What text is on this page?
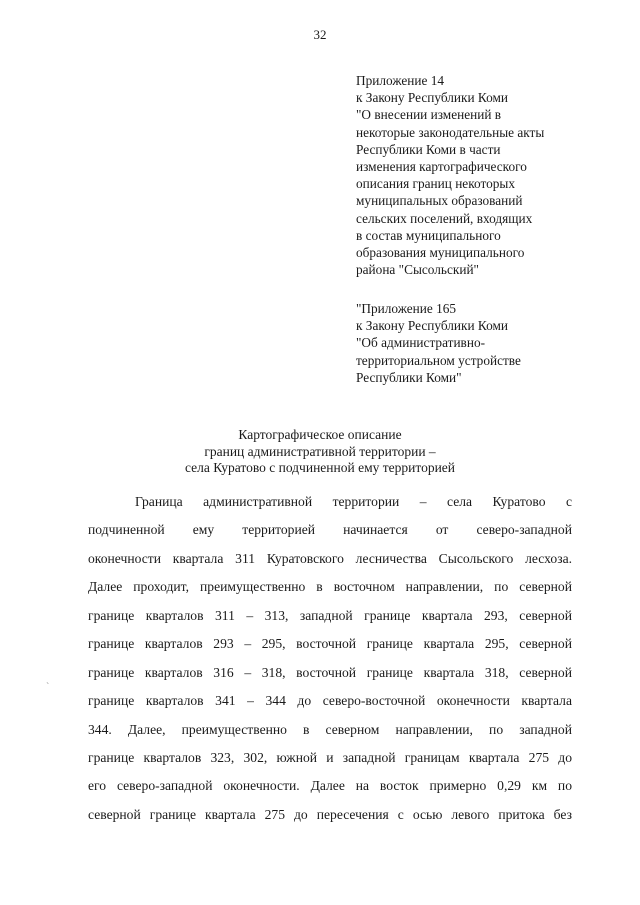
32
Приложение 14
к Закону Республики Коми
"О внесении изменений в
некоторые законодательные акты
Республики Коми в части
изменения картографического
описания границ некоторых
муниципальных образований
сельских поселений, входящих
в состав муниципального
образования муниципального
района "Сысольский"
"Приложение 165
к Закону Республики Коми
"Об административно-
территориальном устройстве
Республики Коми"
Картографическое описание
границ административной территории –
села Куратово с подчиненной ему территорией
Граница административной территории – села Куратово с
подчиненной ему территорией начинается от северо-западной
оконечности квартала 311 Куратовского лесничества Сысольского лесхоза.
Далее проходит, преимущественно в восточном направлении, по северной
границе кварталов 311 – 313, западной границе квартала 293, северной
границе кварталов 293 – 295, восточной границе квартала 295, северной
границе кварталов 316 – 318, восточной границе квартала 318, северной
границе кварталов 341 – 344 до северо-восточной оконечности квартала
344. Далее, преимущественно в северном направлении, по западной
границе кварталов 323, 302, южной и западной границам квартала 275 до
его северо-западной оконечности. Далее на восток примерно 0,29 км по
северной границе квартала 275 до пересечения с осью левого притока без
ˋ
